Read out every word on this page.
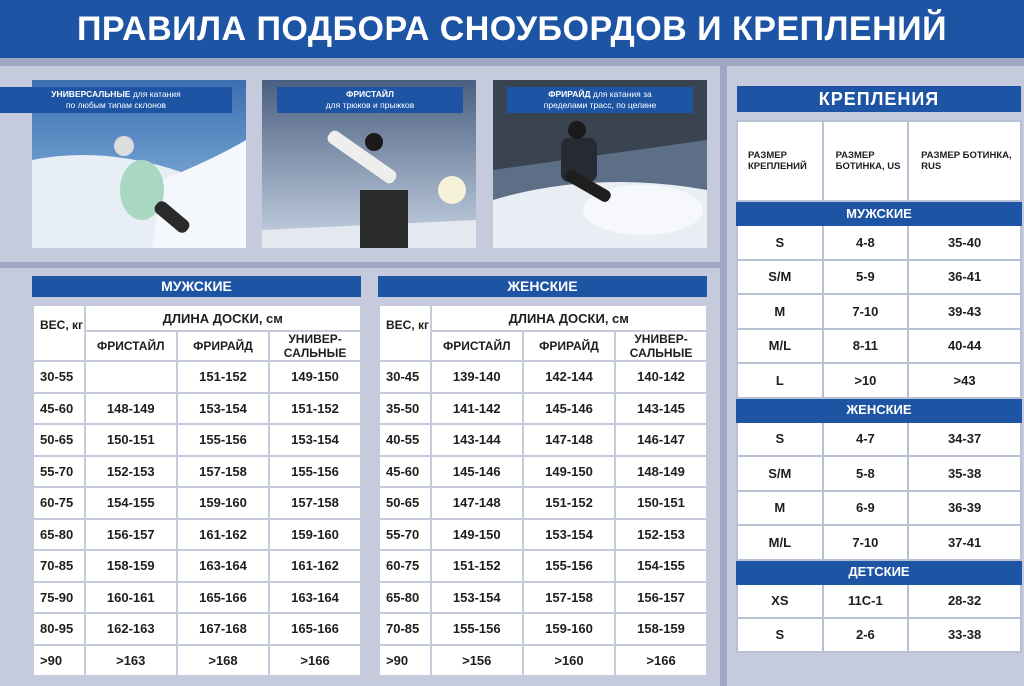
ПРАВИЛА ПОДБОРА СНОУБОРДОВ И КРЕПЛЕНИЙ
УНИВЕРСАЛЬНЫЕ для катания
по любым типам склонов
ФРИСТАЙЛ
для трюков и прыжков
ФРИРАЙД для катания за
пределами трасс, по целине
МУЖСКИЕ	ЖЕНСКИЕ
ВЕС, кг	ДЛИНА ДОСКИ, см		
	ФРИСТАЙЛ	ФРИРАЙД	УНИВЕР-САЛЬНЫЕ
30-55		151-152	149-150
45-60	148-149	153-154	151-152
50-65	150-151	155-156	153-154
55-70	152-153	157-158	155-156
60-75	154-155	159-160	157-158
65-80	156-157	161-162	159-160
70-85	158-159	163-164	161-162
75-90	160-161	165-166	163-164
80-95	162-163	167-168	165-166
>90	>163	>168	>166
ВЕС, кг	ДЛИНА ДОСКИ, см		
	ФРИСТАЙЛ	ФРИРАЙД	УНИВЕР-САЛЬНЫЕ
30-45	139-140	142-144	140-142
35-50	141-142	145-146	143-145
40-55	143-144	147-148	146-147
45-60	145-146	149-150	148-149
50-65	147-148	151-152	150-151
55-70	149-150	153-154	152-153
60-75	151-152	155-156	154-155
65-80	153-154	157-158	156-157
70-85	155-156	159-160	158-159
>90	>156	>160	>166
КРЕПЛЕНИЯ
РАЗМЕР КРЕПЛЕНИЙ	РАЗМЕР БОТИНКА, US	РАЗМЕР БОТИНКА, RUS
МУЖСКИЕ		
S	4-8	35-40
S/M	5-9	36-41
M	7-10	39-43
M/L	8-11	40-44
L	>10	>43
ЖЕНСКИЕ		
S	4-7	34-37
S/M	5-8	35-38
M	6-9	36-39
M/L	7-10	37-41
ДЕТСКИЕ		
XS	11C-1	28-32
S	2-6	33-38
